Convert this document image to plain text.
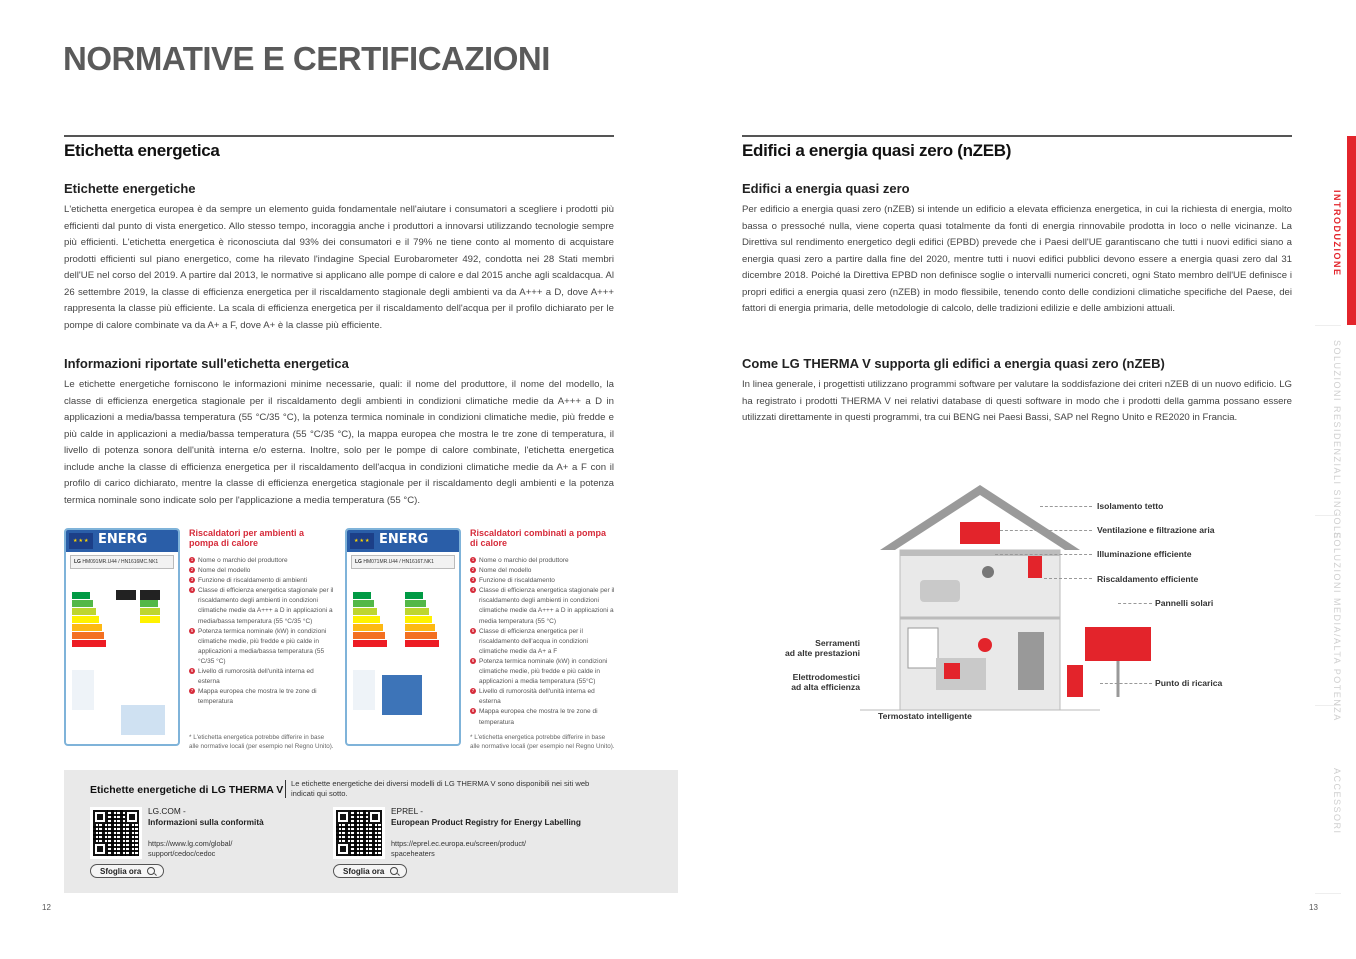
NORMATIVE E CERTIFICAZIONI
Etichetta energetica
Etichette energetiche
L'etichetta energetica europea è da sempre un elemento guida fondamentale nell'aiutare i consumatori a scegliere i prodotti più efficienti dal punto di vista energetico. Allo stesso tempo, incoraggia anche i produttori a innovarsi utilizzando tecnologie sempre più efficienti. L'etichetta energetica è riconosciuta dal 93% dei consumatori e il 79% ne tiene conto al momento di acquistare prodotti efficienti sul piano energetico, come ha rilevato l'indagine Special Eurobarometer 492, condotta nei 28 Stati membri dell'UE nel corso del 2019. A partire dal 2013, le normative si applicano alle pompe di calore e dal 2015 anche agli scaldacqua. Al 26 settembre 2019, la classe di efficienza energetica per il riscaldamento stagionale degli ambienti va da A+++ a D, dove A+++ rappresenta la classe più efficiente. La scala di efficienza energetica per il riscaldamento dell'acqua per il profilo dichiarato per le pompe di calore combinate va da A+ a F, dove A+ è la classe più efficiente.
Informazioni riportate sull'etichetta energetica
Le etichette energetiche forniscono le informazioni minime necessarie, quali: il nome del produttore, il nome del modello, la classe di efficienza energetica stagionale per il riscaldamento degli ambienti in condizioni climatiche medie da A+++ a D in applicazioni a media/bassa temperatura (55 °C/35 °C), la potenza termica nominale in condizioni climatiche medie, più fredde e più calde in applicazioni a media/bassa temperatura (55 °C/35 °C), la mappa europea che mostra le tre zone di temperatura, il livello di potenza sonora dell'unità interna e/o esterna. Inoltre, solo per le pompe di calore combinate, l'etichetta energetica include anche la classe di efficienza energetica per il riscaldamento dell'acqua in condizioni climatiche medie da A+ a F con il profilo di carico dichiarato, mentre la classe di efficienza energetica stagionale per il riscaldamento degli ambienti e la potenza termica nominale sono indicate solo per l'applicazione a media temperatura (55 °C).
★★★
ENERG
LG HM091MR.U44 / HN1616MC.NK1
Riscaldatori per ambienti a pompa di calore
1 Nome o marchio del produttore
2 Nome del modello
3 Funzione di riscaldamento di ambienti
4 Classe di efficienza energetica stagionale per il riscaldamento degli ambienti in condizioni climatiche medie da A+++ a D in applicazioni a media/bassa temperatura (55 °C/35 °C)
5 Potenza termica nominale (kW) in condizioni climatiche medie, più fredde e più calde in applicazioni a media/bassa temperatura (55 °C/35 °C)
6 Livello di rumorosità dell'unità interna ed esterna
7 Mappa europea che mostra le tre zone di temperatura
* L'etichetta energetica potrebbe differire in base alle normative locali (per esempio nel Regno Unito).
★★★
ENERG
LG HM071MR.U44 / HN1616T.NK1
Riscaldatori combinati a pompa di calore
1 Nome o marchio del produttore
2 Nome del modello
3 Funzione di riscaldamento
4 Classe di efficienza energetica stagionale per il riscaldamento degli ambienti in condizioni climatiche medie da A+++ a D in applicazioni a media temperatura (55 °C)
5 Classe di efficienza energetica per il riscaldamento dell'acqua in condizioni climatiche medie da A+ a F
6 Potenza termica nominale (kW) in condizioni climatiche medie, più fredde e più calde in applicazioni a media temperatura (55°C)
7 Livello di rumorosità dell'unità interna ed esterna
8 Mappa europea che mostra le tre zone di temperatura
* L'etichetta energetica potrebbe differire in base alle normative locali (per esempio nel Regno Unito).
Etichette energetiche di LG THERMA V
Le etichette energetiche dei diversi modelli di LG THERMA V sono disponibili nei siti web indicati qui sotto.
LG.COM -
Informazioni sulla conformità
https://www.lg.com/global/ support/cedoc/cedoc
Sfoglia ora
EPREL -
European Product Registry for Energy Labelling
https://eprel.ec.europa.eu/screen/product/ spaceheaters
Sfoglia ora
12
Edifici a energia quasi zero (nZEB)
Edifici a energia quasi zero
Per edificio a energia quasi zero (nZEB) si intende un edificio a elevata efficienza energetica, in cui la richiesta di energia, molto bassa o pressoché nulla, viene coperta quasi totalmente da fonti di energia rinnovabile prodotta in loco o nelle vicinanze. La Direttiva sul rendimento energetico degli edifici (EPBD) prevede che i Paesi dell'UE garantiscano che tutti i nuovi edifici siano a energia quasi zero a partire dalla fine del 2020, mentre tutti i nuovi edifici pubblici devono essere a energia quasi zero dal 31 dicembre 2018. Poiché la Direttiva EPBD non definisce soglie o intervalli numerici concreti, ogni Stato membro dell'UE definisce i propri edifici a energia quasi zero (nZEB) in modo flessibile, tenendo conto delle condizioni climatiche specifiche del Paese, dei fattori di energia primaria, delle metodologie di calcolo, delle tradizioni edilizie e delle ambizioni attuali.
Come LG THERMA V supporta gli edifici a energia quasi zero (nZEB)
In linea generale, i progettisti utilizzano programmi software per valutare la soddisfazione dei criteri nZEB di un nuovo edificio. LG ha registrato i prodotti THERMA V nei relativi database di questi software in modo che i prodotti della gamma possano essere utilizzati direttamente in questi programmi, tra cui BENG nei Paesi Bassi, SAP nel Regno Unito e RE2020 in Francia.
Isolamento tetto
Ventilazione e filtrazione aria
Illuminazione efficiente
Riscaldamento efficiente
Pannelli solari
Serramenti
ad alte prestazioni
Elettrodomestici
ad alta efficienza	Punto di ricarica
Termostato intelligente
13
INTRODUZIONE
SOLUZIONI RESIDENZIALI SINGOLE
SOLUZIONI MEDIA/ALTA POTENZA
ACCESSORI
